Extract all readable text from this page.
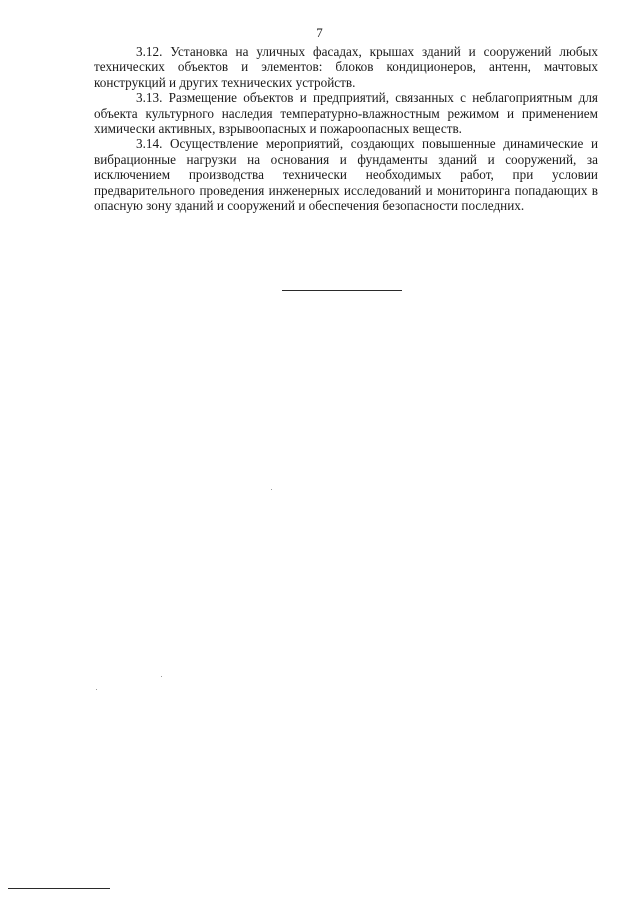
7

3.12. Установка на уличных фасадах, крышах зданий и сооружений любых технических объектов и элементов: блоков кондиционеров, антенн, мачтовых конструкций и других технических устройств.

3.13. Размещение объектов и предприятий, связанных с неблагоприятным для объекта культурного наследия температурно-влажностным режимом и применением химически активных, взрывоопасных и пожароопасных веществ.

3.14. Осуществление мероприятий, создающих повышенные динамические и вибрационные нагрузки на основания и фундаменты зданий и сооружений, за исключением производства технически необходимых работ, при условии предварительного проведения инженерных исследований и мониторинга попадающих в опасную зону зданий и сооружений и обеспечения безопасности последних.
